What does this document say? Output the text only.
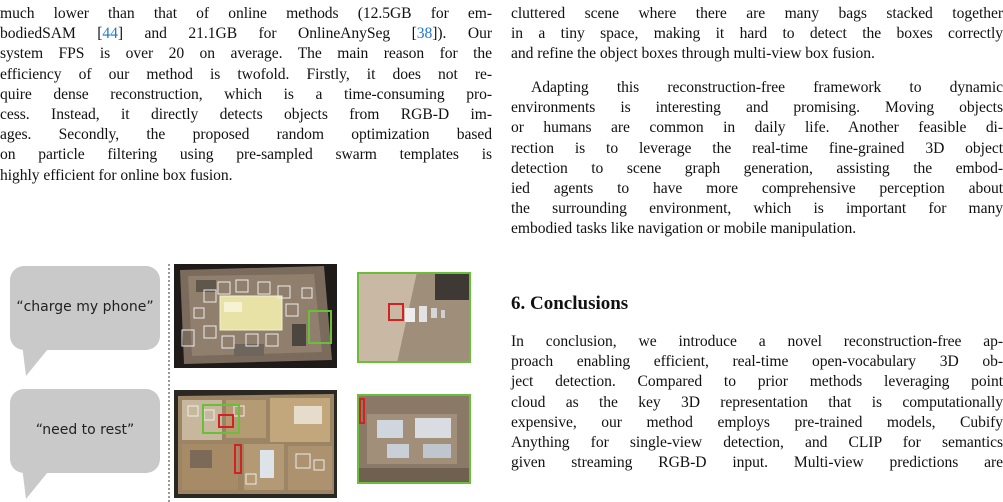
much lower than that of online methods (12.5GB for em-
bodiedSAM [44] and 21.1GB for OnlineAnySeg [38]). Our
system FPS is over 20 on average. The main reason for the
efficiency of our method is twofold. Firstly, it does not re-
quire dense reconstruction, which is a time-consuming pro-
cess. Instead, it directly detects objects from RGB-D im-
ages. Secondly, the proposed random optimization based
on particle filtering using pre-sampled swarm templates is
highly efficient for online box fusion.
“charge my phone”
“need to rest”
cluttered scene where there are many bags stacked together
in a tiny space, making it hard to detect the boxes correctly
and refine the object boxes through multi-view box fusion.
Adapting this reconstruction-free framework to dynamic
environments is interesting and promising. Moving objects
or humans are common in daily life. Another feasible di-
rection is to leverage the real-time fine-grained 3D object
detection to scene graph generation, assisting the embod-
ied agents to have more comprehensive perception about
the surrounding environment, which is important for many
embodied tasks like navigation or mobile manipulation.
In conclusion, we introduce a novel reconstruction-free ap-
proach enabling efficient, real-time open-vocabulary 3D ob-
ject detection. Compared to prior methods leveraging point
cloud as the key 3D representation that is computationally
expensive, our method employs pre-trained models, Cubify
Anything for single-view detection, and CLIP for semantics
given streaming RGB-D input. Multi-view predictions are
6. Conclusions
